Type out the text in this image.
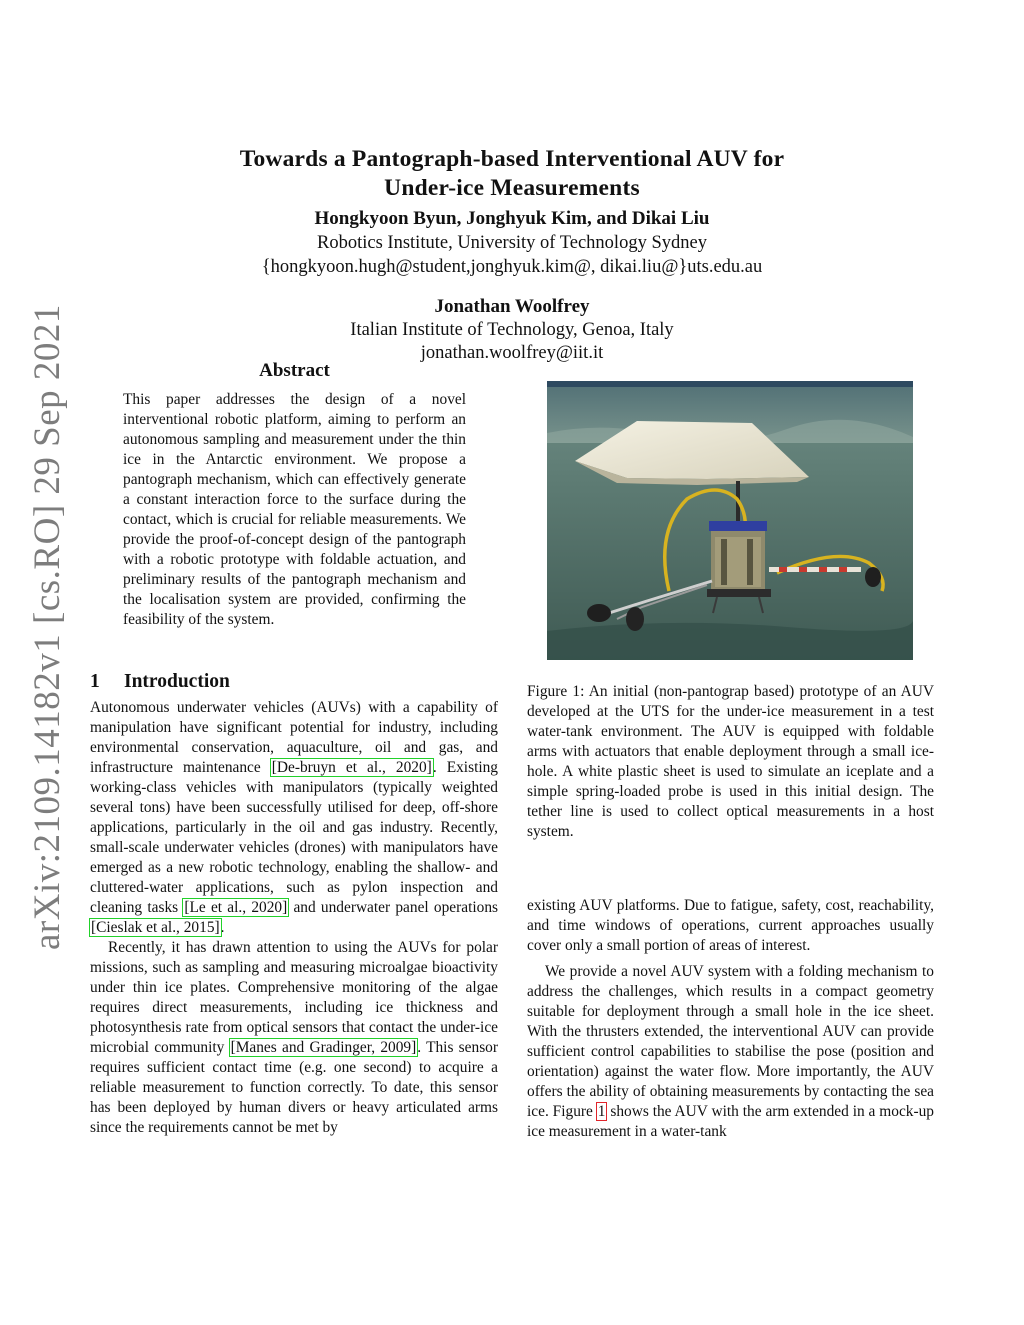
arXiv:2109.14182v1 [cs.RO] 29 Sep 2021
Towards a Pantograph-based Interventional AUV for
Under-ice Measurements
Hongkyoon Byun, Jonghyuk Kim, and Dikai Liu
Robotics Institute, University of Technology Sydney
{hongkyoon.hugh@student,jonghyuk.kim@, dikai.liu@}uts.edu.au
Jonathan Woolfrey
Italian Institute of Technology, Genoa, Italy
jonathan.woolfrey@iit.it
Abstract
This paper addresses the design of a novel interventional robotic platform, aiming to perform an autonomous sampling and measurement under the thin ice in the Antarctic environment. We propose a pantograph mechanism, which can effectively generate a constant interaction force to the surface during the contact, which is crucial for reliable measurements. We provide the proof-of-concept design of the pantograph with a robotic prototype with foldable actuation, and preliminary results of the pantograph mechanism and the localisation system are provided, confirming the feasibility of the system.
1 Introduction

Autonomous underwater vehicles (AUVs) with a capability of manipulation have significant potential for industry, including environmental conservation, aquaculture, oil and gas, and infrastructure maintenance [De-bruyn et al., 2020]. Existing working-class vehicles with manipulators (typically weighted several tons) have been successfully utilised for deep, off-shore applications, particularly in the oil and gas industry. Recently, small-scale underwater vehicles (drones) with manipulators have emerged as a new robotic technology, enabling the shallow- and cluttered-water applications, such as pylon inspection and cleaning tasks [Le et al., 2020] and underwater panel operations [Cieslak et al., 2015].

Recently, it has drawn attention to using the AUVs for polar missions, such as sampling and measuring microalgae bioactivity under thin ice plates. Comprehensive monitoring of the algae requires direct measurements, including ice thickness and photosynthesis rate from optical sensors that contact the under-ice microbial community [Manes and Gradinger, 2009]. This sensor requires sufficient contact time (e.g. one second) to acquire a reliable measurement to function correctly. To date, this sensor has been deployed by human divers or heavy articulated arms since the requirements cannot be met by

Figure 1: An initial (non-pantograp based) prototype of an AUV developed at the UTS for the under-ice measurement in a test water-tank environment. The AUV is equipped with foldable arms with actuators that enable deployment through a small ice-hole. A white plastic sheet is used to simulate an iceplate and a simple spring-loaded probe is used in this initial design. The tether line is used to collect optical measurements in a host system.

existing AUV platforms. Due to fatigue, safety, cost, reachability, and time windows of operations, current approaches usually cover only a small portion of areas of interest.

We provide a novel AUV system with a folding mechanism to address the challenges, which results in a compact geometry suitable for deployment through a small hole in the ice sheet. With the thrusters extended, the interventional AUV can provide sufficient control capabilities to stabilise the pose (position and orientation) against the water flow. More importantly, the AUV offers the ability of obtaining measurements by contacting the sea ice. Figure 1 shows the AUV with the arm extended in a mock-up ice measurement in a water-tank
